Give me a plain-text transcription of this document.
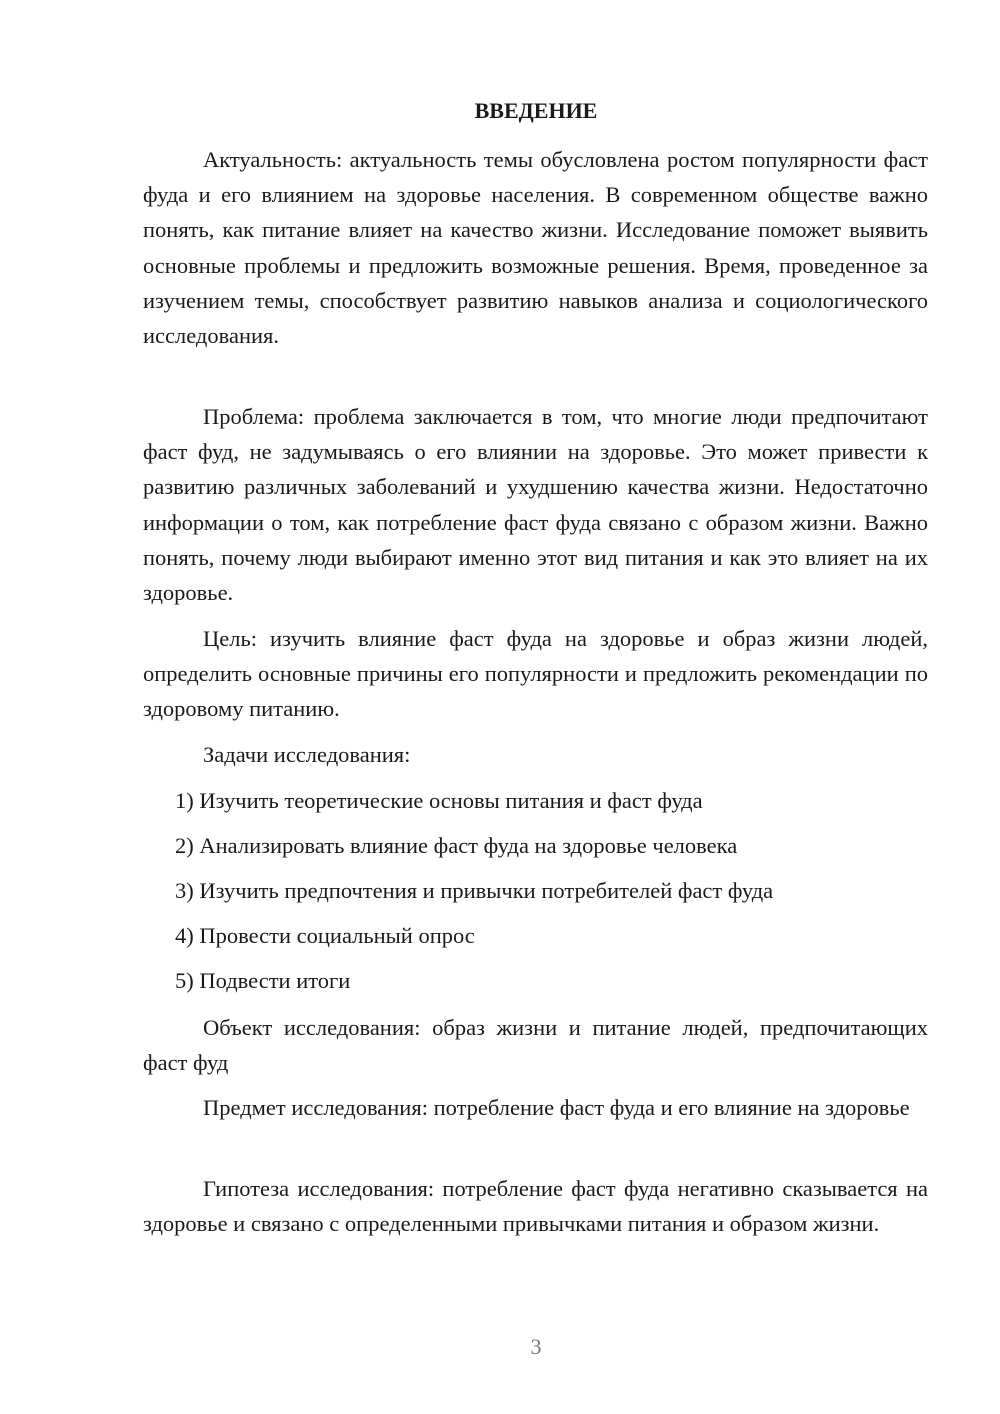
ВВЕДЕНИЕ

Актуальность: актуальность темы обусловлена ростом популярности фаст фуда и его влиянием на здоровье населения. В современном обществе важно понять, как питание влияет на качество жизни. Исследование поможет выявить основные проблемы и предложить возможные решения. Время, проведенное за изучением темы, способствует развитию навыков анализа и социологического исследования.

Проблема: проблема заключается в том, что многие люди предпочитают фаст фуд, не задумываясь о его влиянии на здоровье. Это может привести к развитию различных заболеваний и ухудшению качества жизни. Недостаточно информации о том, как потребление фаст фуда связано с образом жизни. Важно понять, почему люди выбирают именно этот вид питания и как это влияет на их здоровье.

Цель: изучить влияние фаст фуда на здоровье и образ жизни людей, определить основные причины его популярности и предложить рекомендации по здоровому питанию.

Задачи исследования:

1) Изучить теоретические основы питания и фаст фуда

2) Анализировать влияние фаст фуда на здоровье человека

3) Изучить предпочтения и привычки потребителей фаст фуда

4) Провести социальный опрос

5) Подвести итоги

Объект исследования: образ жизни и питание людей, предпочитающих фаст фуд

Предмет исследования: потребление фаст фуда и его влияние на здоровье

Гипотеза исследования: потребление фаст фуда негативно сказывается на здоровье и связано с определенными привычками питания и образом жизни.

3
